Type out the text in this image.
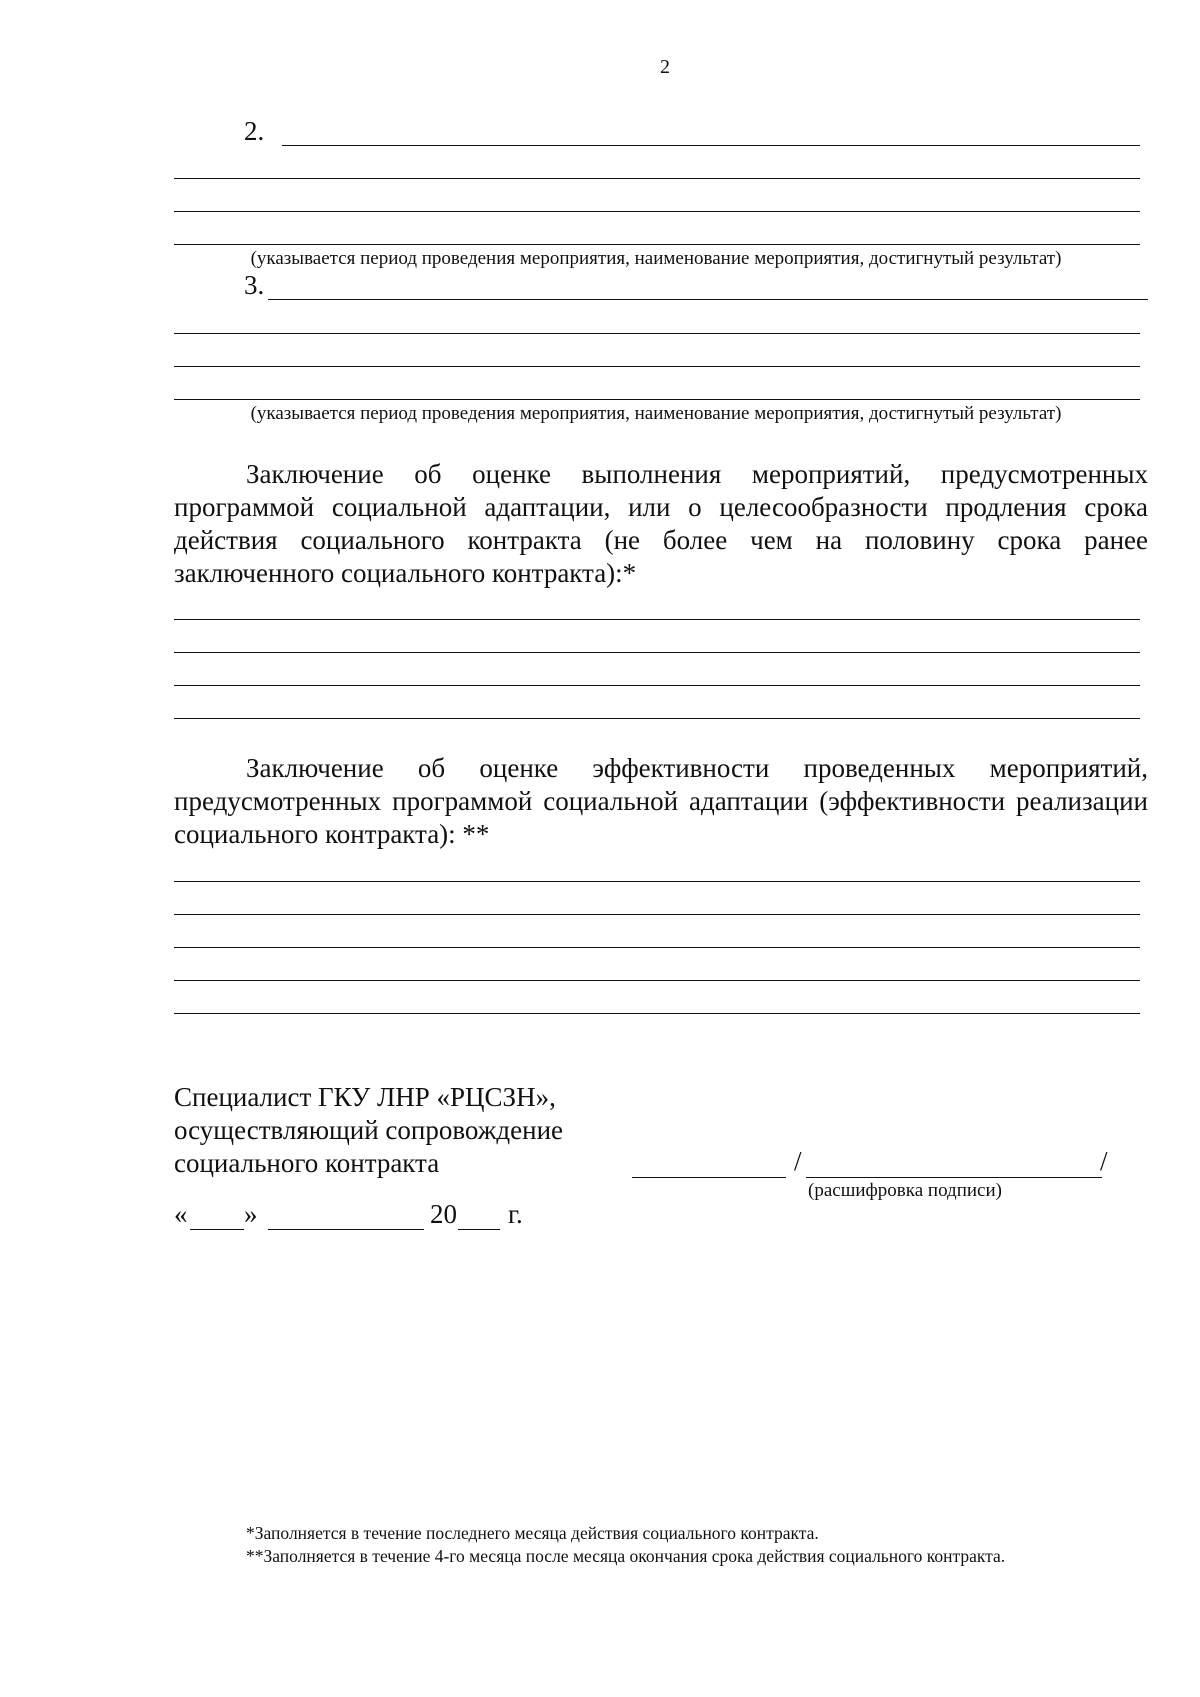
2
2.
(указывается период проведения мероприятия, наименование мероприятия, достигнутый результат)
3.
(указывается период проведения мероприятия, наименование мероприятия, достигнутый результат)
Заключение об оценке выполнения мероприятий, предусмотренных программой социальной адаптации, или о целесообразности продления срока действия социального контракта (не более чем на половину срока ранее заключенного социального контракта):*
Заключение об оценке эффективности проведенных мероприятий, предусмотренных программой социальной адаптации (эффективности реализации социального контракта): **
Специалист ГКУ ЛНР «РЦСЗН»,
осуществляющий сопровождение
социального контракта	/	/
(расшифровка подписи)
« »	20 г.
*Заполняется в течение последнего месяца действия социального контракта.
**Заполняется в течение 4-го месяца после месяца окончания срока действия социального контракта.
